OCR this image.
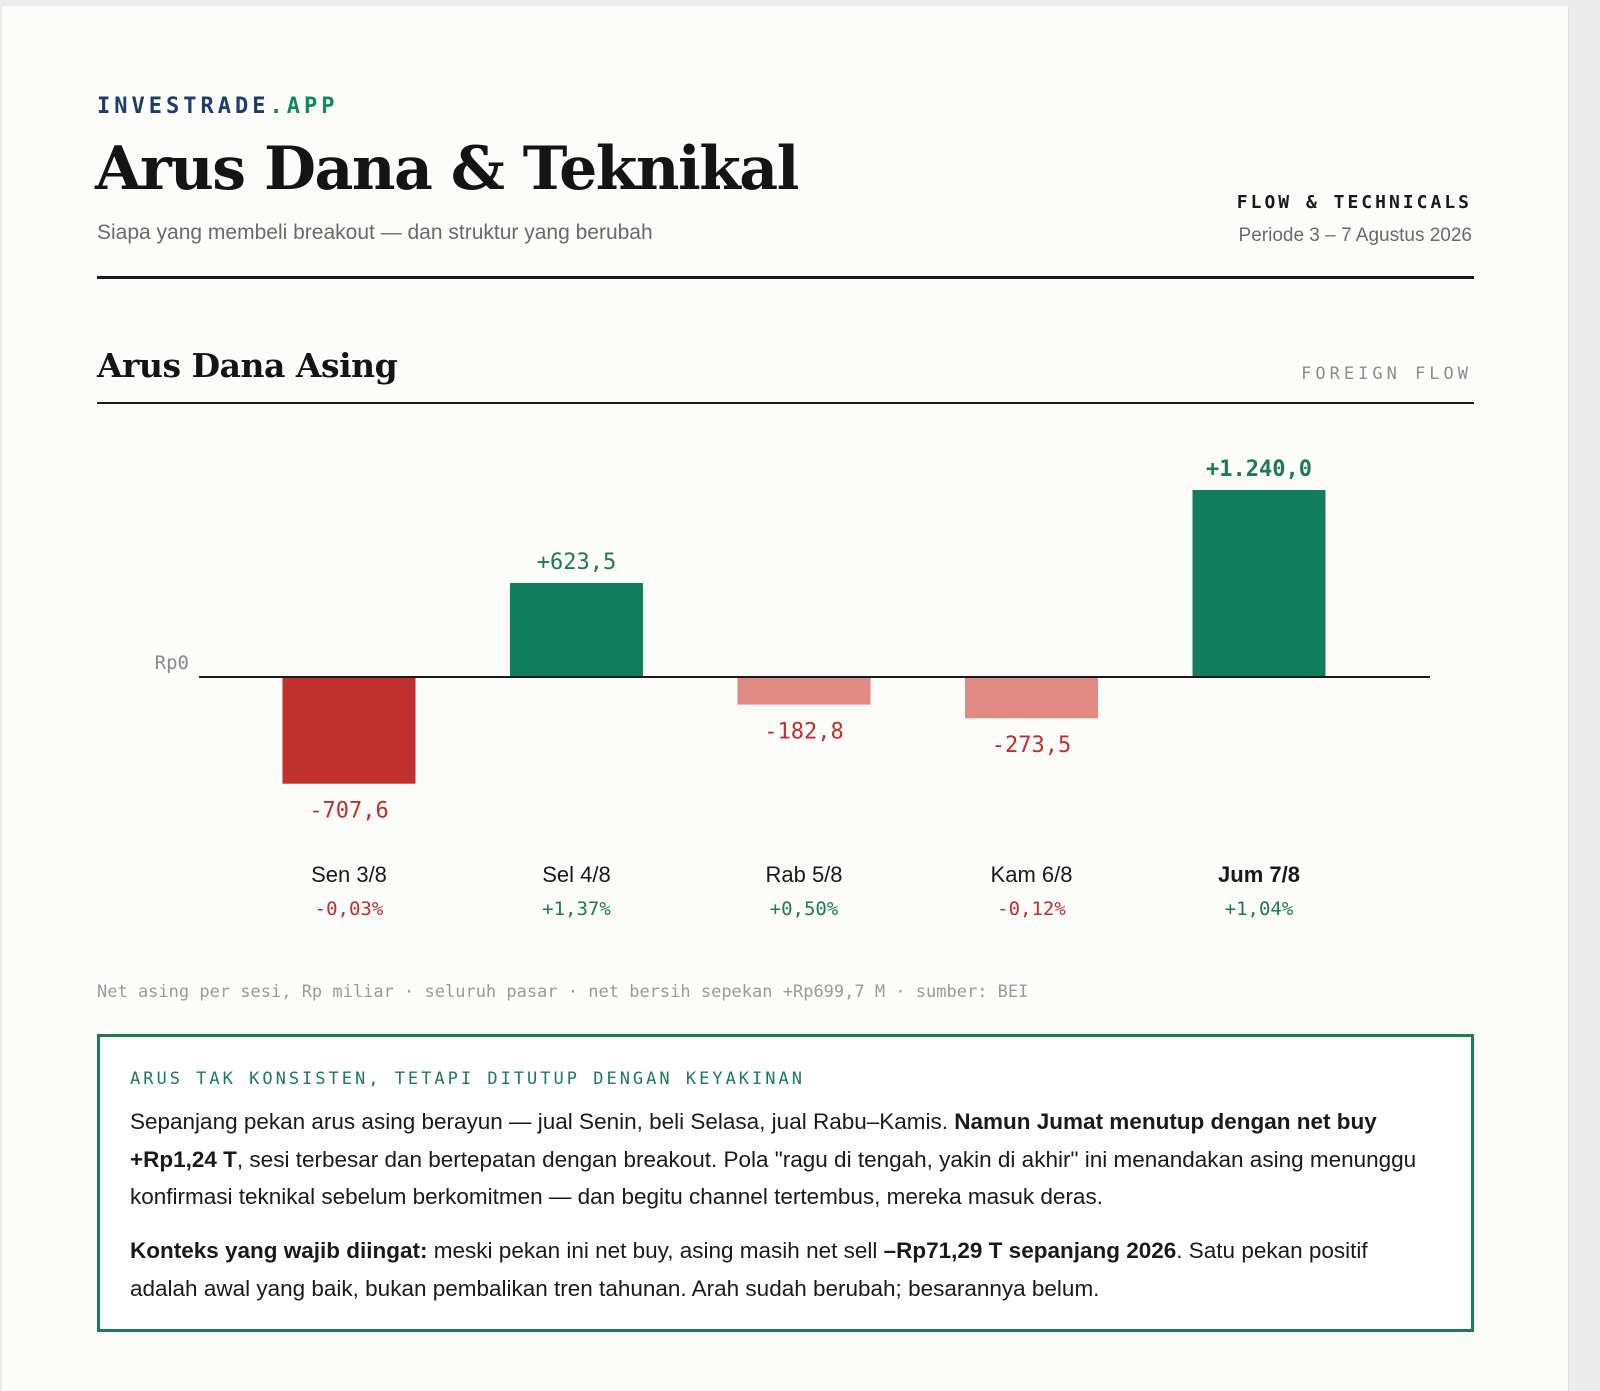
INVESTRADE.APP
Arus Dana & Teknikal
Siapa yang membeli breakout — dan struktur yang berubah
FLOW & TECHNICALS
Periode 3 – 7 Agustus 2026
Arus Dana Asing	FOREIGN FLOW
-707,6
Sen 3/8
-0,03%
+623,5
Sel 4/8
+1,37%
-182,8
Rab 5/8
+0,50%
-273,5
Kam 6/8
-0,12%
+1.240,0
Jum 7/8
+1,04%
Rp0
Net asing per sesi, Rp miliar · seluruh pasar · net bersih sepekan +Rp699,7 M · sumber: BEI
ARUS TAK KONSISTEN, TETAPI DITUTUP DENGAN KEYAKINAN
Sepanjang pekan arus asing berayun — jual Senin, beli Selasa, jual Rabu–Kamis. Namun Jumat menutup dengan net buy +Rp1,24 T, sesi terbesar dan bertepatan dengan breakout. Pola "ragu di tengah, yakin di akhir" ini menandakan asing menunggu konfirmasi teknikal sebelum berkomitmen — dan begitu channel tertembus, mereka masuk deras.
Konteks yang wajib diingat: meski pekan ini net buy, asing masih net sell –Rp71,29 T sepanjang 2026. Satu pekan positif adalah awal yang baik, bukan pembalikan tren tahunan. Arah sudah berubah; besarannya belum.
